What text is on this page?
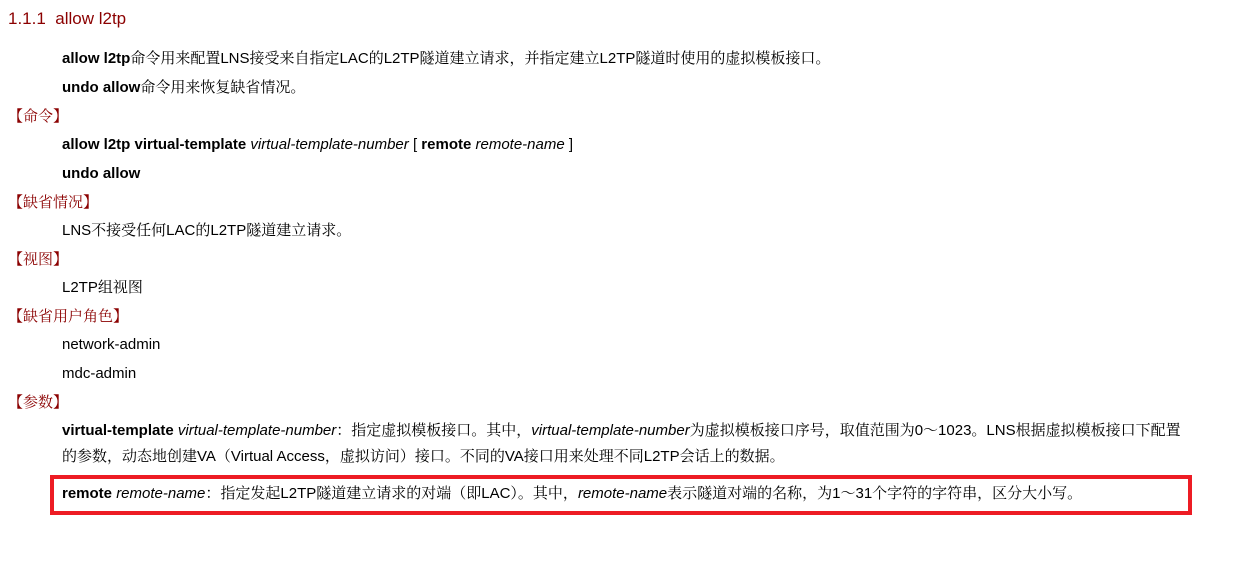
1.1.1  allow l2tp

allow l2tp命令用来配置LNS接受来自指定LAC的L2TP隧道建立请求，并指定建立L2TP隧道时使用的虚拟模板接口。

undo allow命令用来恢复缺省情况。

【命令】

allow l2tp virtual-template virtual-template-number [ remote remote-name ]

undo allow

【缺省情况】

LNS不接受任何LAC的L2TP隧道建立请求。

【视图】

L2TP组视图

【缺省用户角色】

network-admin

mdc-admin

【参数】

virtual-template virtual-template-number：指定虚拟模板接口。其中，virtual-template-number为虚拟模板接口序号，取值范围为0～1023。LNS根据虚拟模板接口下配置的参数，动态地创建VA（Virtual Access，虚拟访问）接口。不同的VA接口用来处理不同L2TP会话上的数据。

remote remote-name：指定发起L2TP隧道建立请求的对端（即LAC）。其中，remote-name表示隧道对端的名称，为1～31个字符的字符串，区分大小写。
